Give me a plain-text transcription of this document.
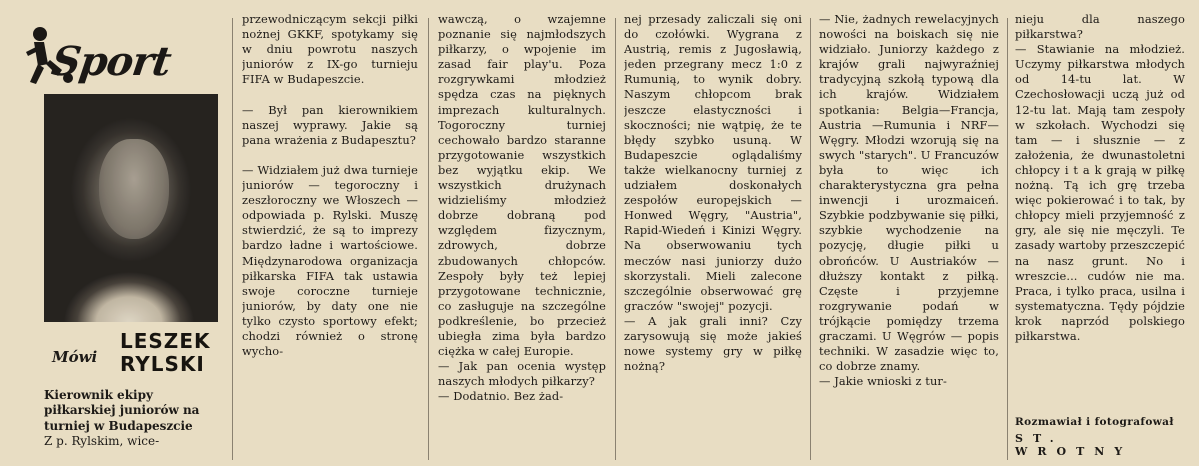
Sport
Mówi
LESZEK
RYLSKI
Kierownik ekipy piłkarskiej juniorów na turniej w Budapeszcie
Z p. Rylskim, wice-
przewodniczącym sekcji piłki nożnej GKKF, spotykamy się w dniu powrotu naszych juniorów z IX-go turnieju FIFA w Budapeszcie.

— Był pan kierownikiem naszej wyprawy. Jakie są pana wrażenia z Budapesztu?

— Widziałem już dwa turnieje juniorów — tegoroczny i zeszłoroczny we Włoszech — odpowiada p. Rylski. Muszę stwierdzić, że są to imprezy bardzo ładne i wartościowe. Międzynarodowa organizacja piłkarska FIFA tak ustawia swoje coroczne turnieje juniorów, by daty one nie tylko czysto sportowy efekt; chodzi również o stronę wycho-
wawczą, o wzajemne poznanie się najmłodszych piłkarzy, o wpojenie im zasad fair play'u. Poza rozgrywkami młodzież spędza czas na pięknych imprezach kulturalnych. Togoroczny turniej cechowało bardzo staranne przygotowanie wszystkich bez wyjątku ekip. We wszystkich drużynach widzieliśmy młodzież dobrze dobraną pod względem fizycznym, zdrowych, dobrze zbudowanych chłopców. Zespoły były też lepiej przygotowane technicznie, co zasługuje na szczególne podkreślenie, bo przecież ubiegła zima była bardzo ciężka w całej Europie.
— Jak pan ocenia występ naszych młodych piłkarzy?
— Dodatnio. Bez żad-
nej przesady zaliczali się oni do czołówki. Wygrana z Austrią, remis z Jugosławią, jeden przegrany mecz 1:0 z Rumunią, to wynik dobry. Naszym chłopcom brak jeszcze elastyczności i skoczności; nie wątpię, że te błędy szybko usuną. W Budapeszcie oglądaliśmy także wielkanocny turniej z udziałem doskonałych zespołów europejskich — Honwed Węgry, "Austria", Rapid-Wiedeń i Kinizi Węgry. Na obserwowaniu tych meczów nasi juniorzy dużo skorzystali. Mieli zalecone szczególnie obserwować grę graczów "swojej" pozycji.
— A jak grali inni? Czy zarysowują się może jakieś nowe systemy gry w piłkę nożną?
— Nie, żadnych rewelacyjnych nowości na boiskach się nie widziało. Juniorzy każdego z krajów grali najwyraźniej tradycyjną szkołą typową dla ich krajów. Widziałem spotkania: Belgia—Francja, Austria —Rumunia i NRF—Węgry. Młodzi wzorują się na swych "starych". U Francuzów była to więc ich charakterystyczna gra pełna inwencji i urozmaiceń. Szybkie podzbywanie się piłki, szybkie wychodzenie na pozycję, długie piłki u obrońców. U Austriaków — dłuższy kontakt z piłką. Częste i przyjemne rozgrywanie podań w trójkącie pomiędzy trzema graczami. U Węgrów — popis techniki. W zasadzie więc to, co dobrze znamy.
— Jakie wnioski z tur-
nieju dla naszego piłkarstwa?
— Stawianie na młodzież. Uczymy piłkarstwa młodych od 14-tu lat. W Czechosłowacji uczą już od 12-tu lat. Mają tam zespoły w szkołach. Wychodzi się tam — i słusznie — z założenia, że dwunastoletni chłopcy i t a k grają w piłkę nożną. Tą ich grę trzeba więc pokierować i to tak, by chłopcy mieli przyjemność z gry, ale się nie męczyli. Te zasady wartoby przeszczepić na nasz grunt. No i wreszcie... cudów nie ma. Praca, i tylko praca, usilna i systematyczna. Tędy pójdzie krok naprzód polskiego piłkarstwa.
Rozmawiał i fotografował
ST. WROTNY
